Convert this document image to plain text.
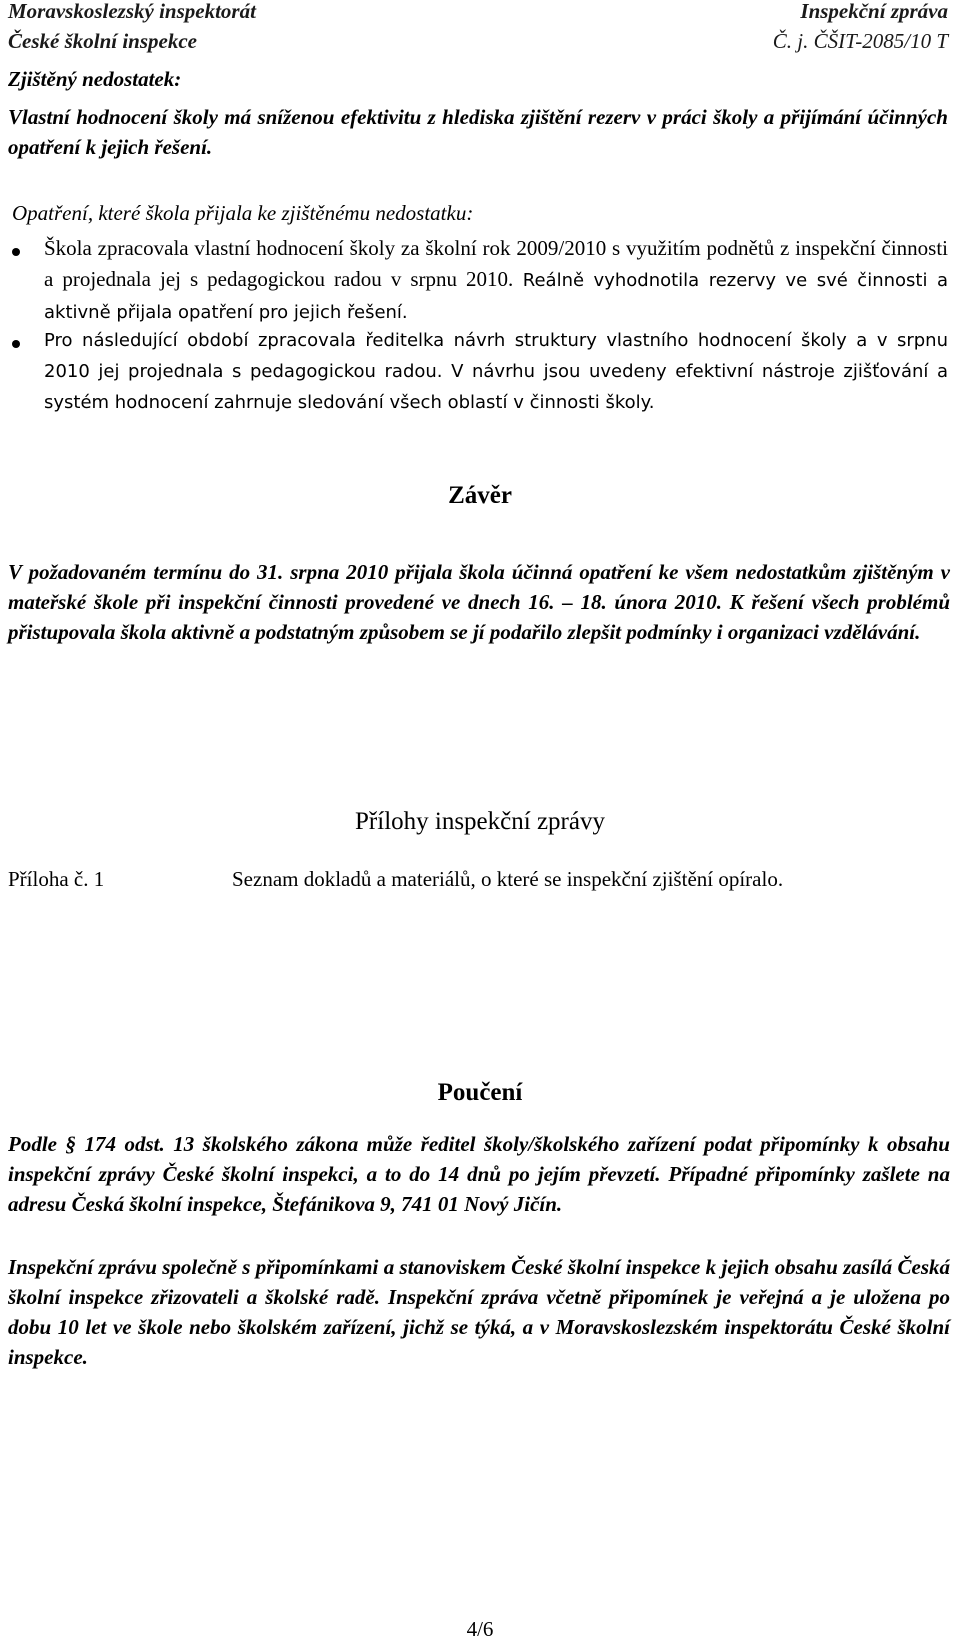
Moravskoslezský inspektorát
České školní inspekce
Inspekční zpráva
Č. j. ČŠIT-2085/10 T
Zjištěný nedostatek:
Vlastní hodnocení školy má sníženou efektivitu z hlediska zjištění rezerv v práci školy a přijímání účinných opatření k jejich řešení.
Opatření, které škola přijala ke zjištěnému nedostatku:
Škola zpracovala vlastní hodnocení školy za školní rok 2009/2010 s využitím podnětů z inspekční činnosti a projednala jej s pedagogickou radou v srpnu 2010. Reálně vyhodnotila rezervy ve své činnosti a aktivně přijala opatření pro jejich řešení.
Pro následující období zpracovala ředitelka návrh struktury vlastního hodnocení školy a v srpnu 2010 jej projednala s pedagogickou radou. V návrhu jsou uvedeny efektivní nástroje zjišťování a systém hodnocení zahrnuje sledování všech oblastí v činnosti školy.
Závěr
V požadovaném termínu do 31. srpna 2010 přijala škola účinná opatření ke všem nedostatkům zjištěným v mateřské škole při inspekční činnosti provedené ve dnech 16. – 18. února 2010. K řešení všech problémů přistupovala škola aktivně a podstatným způsobem se jí podařilo zlepšit podmínky i organizaci vzdělávání.
Přílohy inspekční zprávy
Příloha č. 1	Seznam dokladů a materiálů, o které se inspekční zjištění opíralo.
Poučení
Podle § 174 odst. 13 školského zákona může ředitel školy/školského zařízení podat připomínky k obsahu inspekční zprávy České školní inspekci, a to do 14 dnů po jejím převzetí. Případné připomínky zašlete na adresu Česká školní inspekce, Štefánikova 9, 741 01 Nový Jičín.
Inspekční zprávu společně s připomínkami a stanoviskem České školní inspekce k jejich obsahu zasílá Česká školní inspekce zřizovateli a školské radě. Inspekční zpráva včetně připomínek je veřejná a je uložena po dobu 10 let ve škole nebo školském zařízení, jichž se týká, a v Moravskoslezském inspektorátu České školní inspekce.
4/6
